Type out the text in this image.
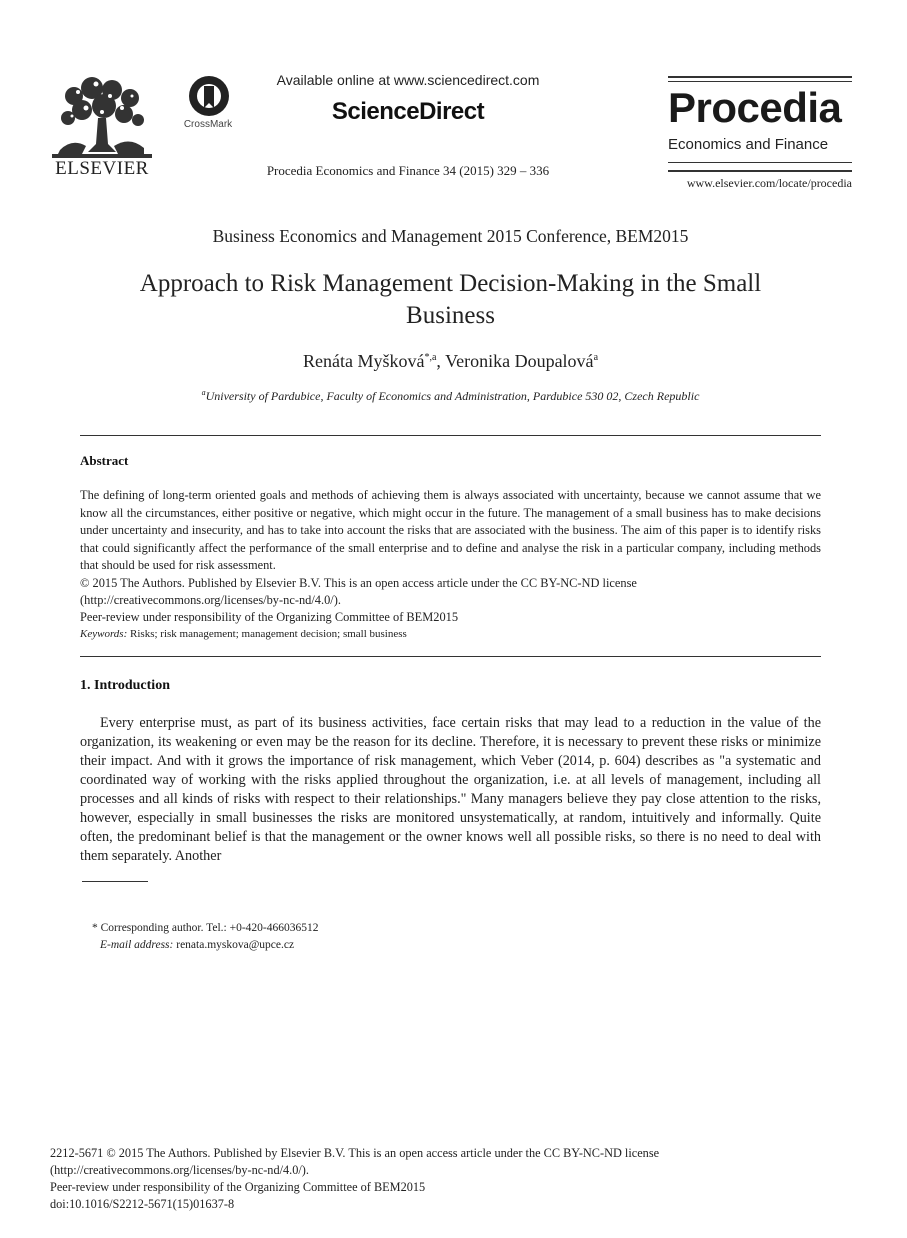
ELSEVIER
CrossMark
Available online at www.sciencedirect.com
ScienceDirect
Procedia Economics and Finance 34 (2015) 329 – 336
Procedia
Economics and Finance
www.elsevier.com/locate/procedia
Business Economics and Management 2015 Conference, BEM2015
Approach to Risk Management Decision-Making in the Small
Business
Renáta Myšková$^{*,a}$, Veronika Doupalová$^a$
$^a$University of Pardubice, Faculty of Economics and Administration, Pardubice 530 02, Czech Republic
Abstract
The defining of long-term oriented goals and methods of achieving them is always associated with uncertainty, because we cannot assume that we know all the circumstances, either positive or negative, which might occur in the future. The management of a small business has to make decisions under uncertainty and insecurity, and has to take into account the risks that are associated with the business. The aim of this paper is to identify risks that could significantly affect the performance of the small enterprise and to define and analyse the risk in a particular company, including methods that should be used for risk assessment.
© 2015 The Authors. Published by Elsevier B.V. This is an open access article under the CC BY-NC-ND license
(http://creativecommons.org/licenses/by-nc-nd/4.0/).
Peer-review under responsibility of the Organizing Committee of BEM2015
Keywords: Risks; risk management; management decision; small business
1. Introduction
Every enterprise must, as part of its business activities, face certain risks that may lead to a reduction in the value of the organization, its weakening or even may be the reason for its decline. Therefore, it is necessary to prevent these risks or minimize their impact. And with it grows the importance of risk management, which Veber (2014, p. 604) describes as "a systematic and coordinated way of working with the risks applied throughout the organization, i.e. at all levels of management, including all processes and all kinds of risks with respect to their relationships." Many managers believe they pay close attention to the risks, however, especially in small businesses the risks are monitored unsystematically, at random, intuitively and informally. Quite often, the predominant belief is that the management or the owner knows well all possible risks, so there is no need to deal with them separately. Another
* Corresponding author. Tel.: +0-420-466036512
E-mail address: renata.myskova@upce.cz
2212-5671 © 2015 The Authors. Published by Elsevier B.V. This is an open access article under the CC BY-NC-ND license
(http://creativecommons.org/licenses/by-nc-nd/4.0/).
Peer-review under responsibility of the Organizing Committee of BEM2015
doi:10.1016/S2212-5671(15)01637-8
